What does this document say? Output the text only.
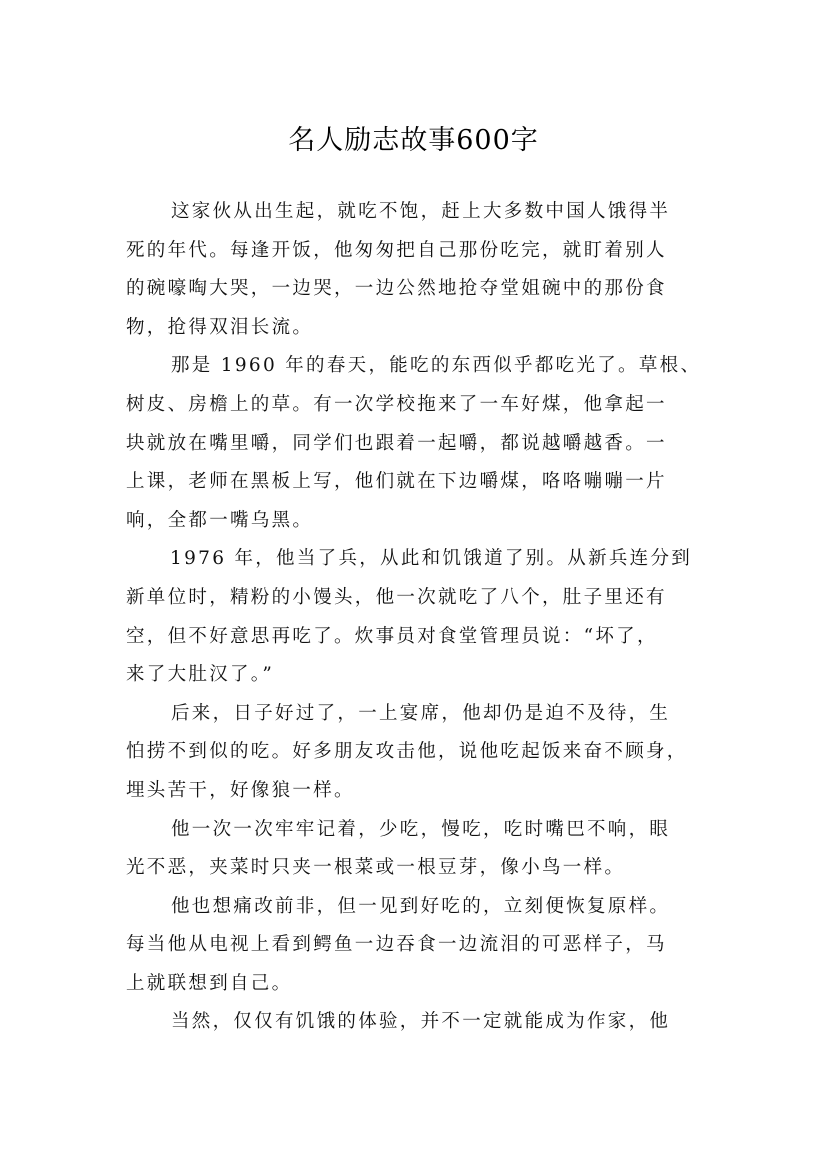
名人励志故事600字
这家伙从出生起，就吃不饱，赶上大多数中国人饿得半
死的年代。每逢开饭，他匆匆把自己那份吃完，就盯着别人
的碗嚎啕大哭，一边哭，一边公然地抢夺堂姐碗中的那份食
物，抢得双泪长流。
那是 1960 年的春天，能吃的东西似乎都吃光了。草根、
树皮、房檐上的草。有一次学校拖来了一车好煤，他拿起一
块就放在嘴里嚼，同学们也跟着一起嚼，都说越嚼越香。一
上课，老师在黑板上写，他们就在下边嚼煤，咯咯嘣嘣一片
响，全都一嘴乌黑。
1976 年，他当了兵，从此和饥饿道了别。从新兵连分到
新单位时，精粉的小馒头，他一次就吃了八个，肚子里还有
空，但不好意思再吃了。炊事员对食堂管理员说：“坏了，
来了大肚汉了。”
后来，日子好过了，一上宴席，他却仍是迫不及待，生
怕捞不到似的吃。好多朋友攻击他，说他吃起饭来奋不顾身，
埋头苦干，好像狼一样。
他一次一次牢牢记着，少吃，慢吃，吃时嘴巴不响，眼
光不恶，夹菜时只夹一根菜或一根豆芽，像小鸟一样。
他也想痛改前非，但一见到好吃的，立刻便恢复原样。
每当他从电视上看到鳄鱼一边吞食一边流泪的可恶样子，马
上就联想到自己。
当然，仅仅有饥饿的体验，并不一定就能成为作家，他
